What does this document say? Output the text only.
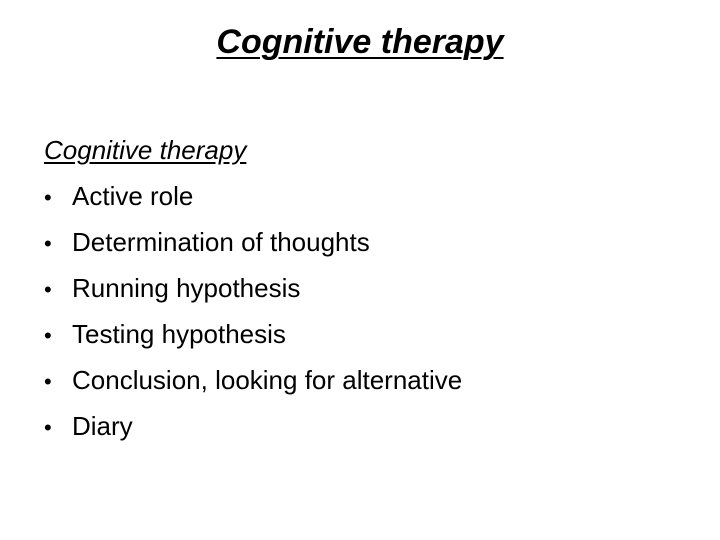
Cognitive therapy
Cognitive therapy
• Active role
• Determination of thoughts
• Running hypothesis
• Testing hypothesis
• Conclusion, looking for alternative
• Diary
